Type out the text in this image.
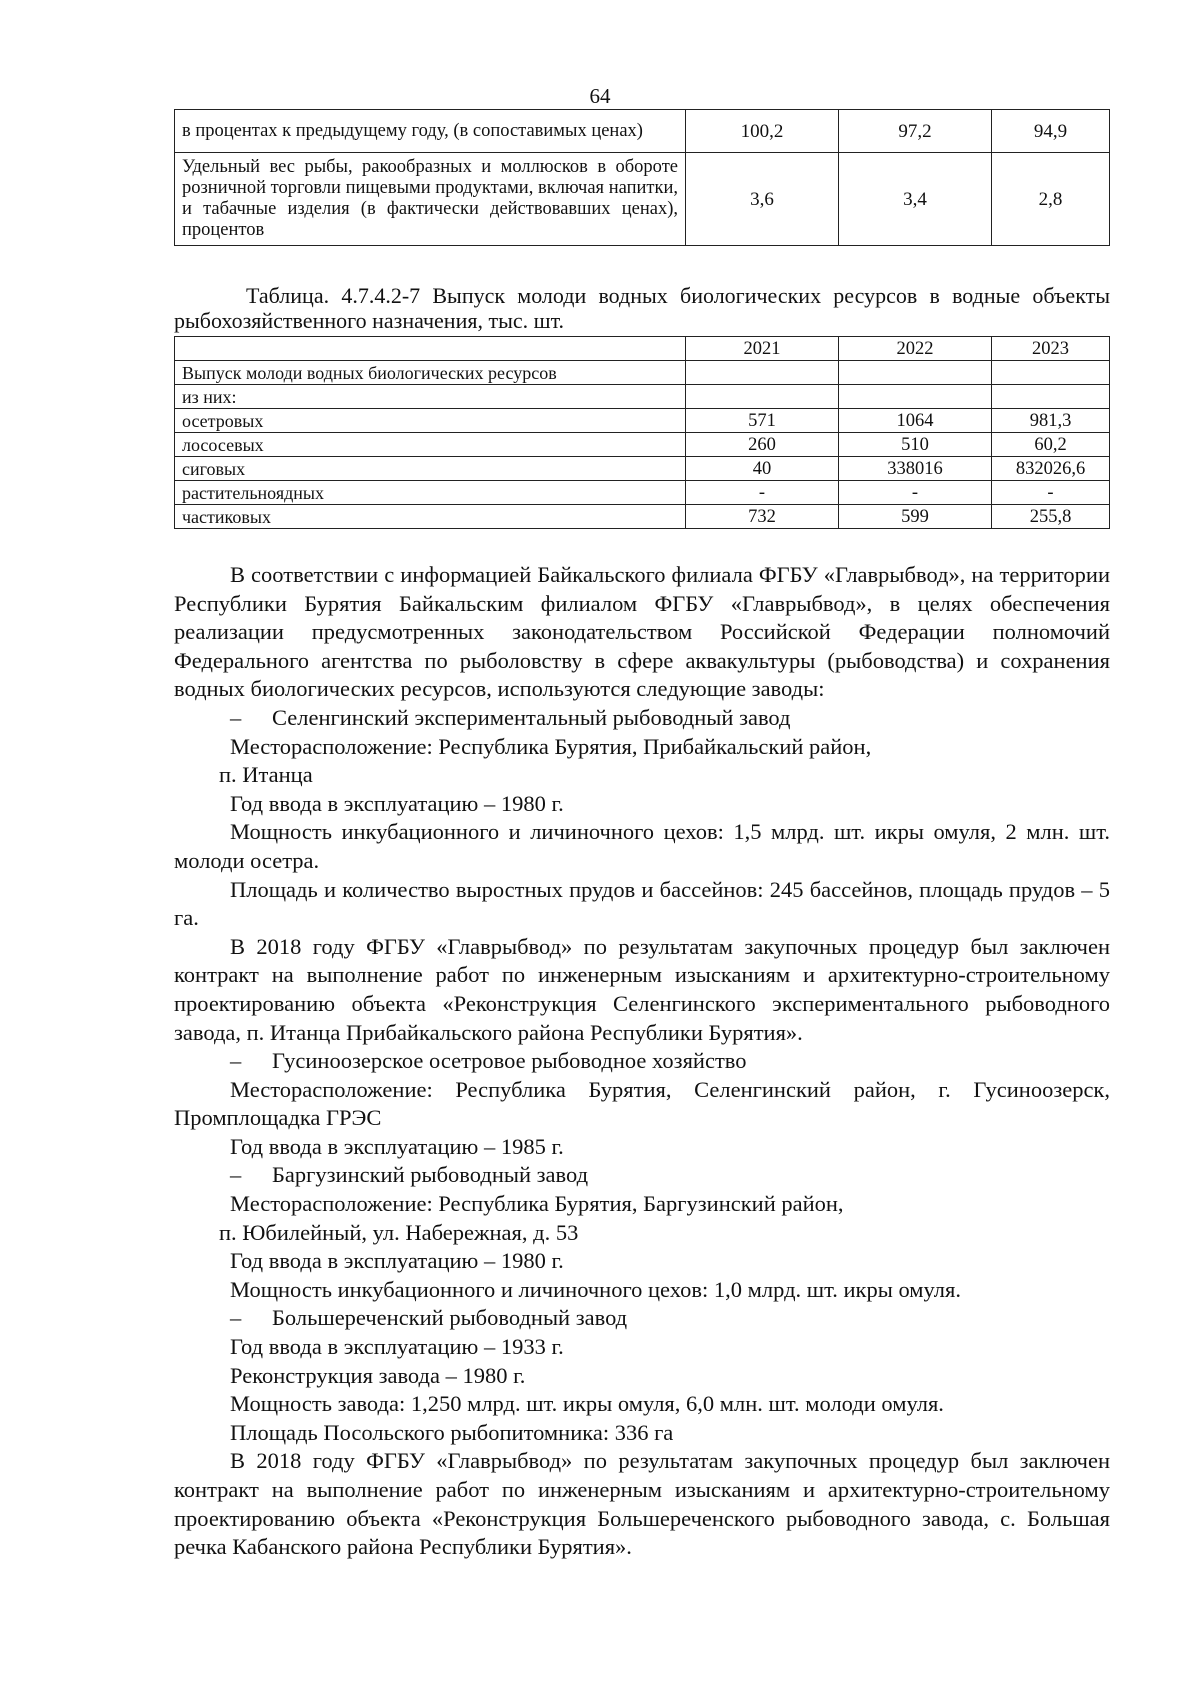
64
в процентах к предыдущему году, (в сопоставимых ценах)	100,2	97,2	94,9
Удельный вес рыбы, ракообразных и моллюсков в обороте розничной торговли пищевыми продуктами, включая напитки, и табачные изделия (в фактически действовавших ценах), процентов	3,6	3,4	2,8
Таблица. 4.7.4.2-7 Выпуск молоди водных биологических ресурсов в водные объекты рыбохозяйственного назначения, тыс. шт.
	2021	2022	2023
Выпуск молоди водных биологических ресурсов			
из них:			
осетровых	571	1064	981,3
лососевых	260	510	60,2
сиговых	40	338016	832026,6
растительноядных	-	-	-
частиковых	732	599	255,8

В соответствии с информацией Байкальского филиала ФГБУ «Главрыбвод», на территории Республики Бурятия Байкальским филиалом ФГБУ «Главрыбвод», в целях обеспечения реализации предусмотренных законодательством Российской Федерации полномочий Федерального агентства по рыболовству в сфере аквакультуры (рыбоводства) и сохранения водных биологических ресурсов, используются следующие заводы:

– Селенгинский экспериментальный рыбоводный завод

Месторасположение: Республика Бурятия, Прибайкальский район,

п. Итанца

Год ввода в эксплуатацию – 1980 г.

Мощность инкубационного и личиночного цехов: 1,5 млрд. шт. икры омуля, 2 млн. шт. молоди осетра.

Площадь и количество выростных прудов и бассейнов: 245 бассейнов, площадь прудов – 5 га.

В 2018 году ФГБУ «Главрыбвод» по результатам закупочных процедур был заключен контракт на выполнение работ по инженерным изысканиям и архитектурно-строительному проектированию объекта «Реконструкция Селенгинского экспериментального рыбоводного завода, п. Итанца Прибайкальского района Республики Бурятия».

– Гусиноозерское осетровое рыбоводное хозяйство

Месторасположение: Республика Бурятия, Селенгинский район, г. Гусиноозерск, Промплощадка ГРЭС

Год ввода в эксплуатацию – 1985 г.

– Баргузинский рыбоводный завод

Месторасположение: Республика Бурятия, Баргузинский район,

п. Юбилейный, ул. Набережная, д. 53

Год ввода в эксплуатацию – 1980 г.

Мощность инкубационного и личиночного цехов: 1,0 млрд. шт. икры омуля.

– Большереченский рыбоводный завод

Год ввода в эксплуатацию – 1933 г.

Реконструкция завода – 1980 г.

Мощность завода: 1,250 млрд. шт. икры омуля, 6,0 млн. шт. молоди омуля.

Площадь Посольского рыбопитомника: 336 га

В 2018 году ФГБУ «Главрыбвод» по результатам закупочных процедур был заключен контракт на выполнение работ по инженерным изысканиям и архитектурно-строительному проектированию объекта «Реконструкция Большереченского рыбоводного завода, с. Большая речка Кабанского района Республики Бурятия».
